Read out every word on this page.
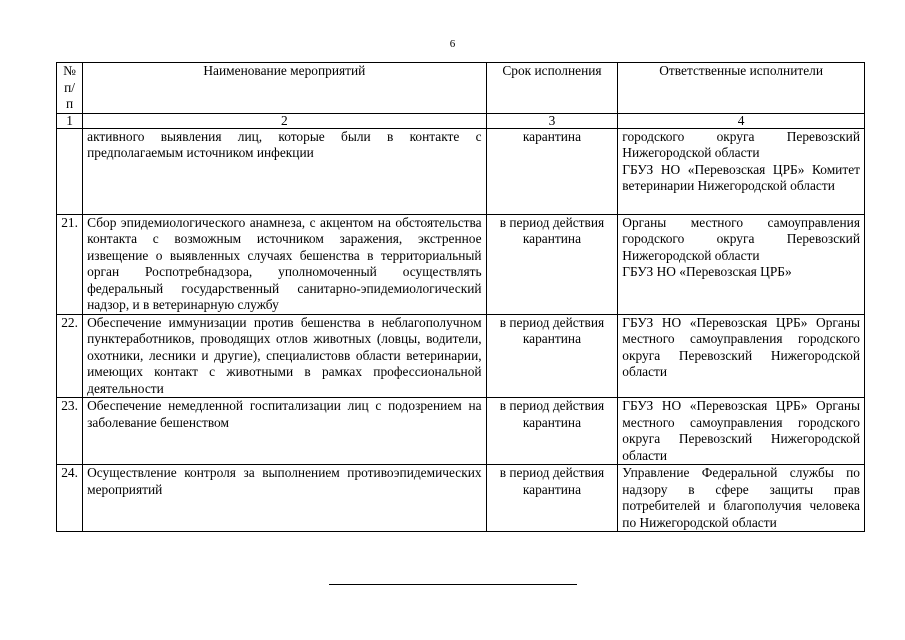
6
№ п/п	Наименование мероприятий	Срок исполнения	Ответственные исполнители
1	2	3	4
	активного выявления лиц, которые были в контакте с предполагаемым источником инфекции	карантина	городского округа Перевозский Нижегородской области
ГБУЗ НО «Перевозская ЦРБ» Комитет ветеринарии Нижегородской области

21.	Сбор эпидемиологического анамнеза, с акцентом на обстоятельства контакта с возможным источником заражения, экстренное извещение о выявленных случаях бешенства в территориальный орган Роспотребнадзора, уполномоченный осуществлять федеральный государственный санитарно-эпидемиологический надзор, и в ветеринарную службу	в период действия карантина	Органы местного самоуправления городского округа Перевозский Нижегородской области
ГБУЗ НО «Перевозская ЦРБ»

22.	Обеспечение иммунизации против бешенства в неблагополучном пунктеработников, проводящих отлов животных (ловцы, водители, охотники, лесники и другие), специалистовв области ветеринарии, имеющих контакт с животными в рамках профессиональной деятельности	в период действия карантина	ГБУЗ НО «Перевозская ЦРБ» Органы местного самоуправления городского округа Перевозский Нижегородской области

23.	Обеспечение немедленной госпитализации лиц с подозрением на заболевание бешенством	в период действия карантина	ГБУЗ НО «Перевозская ЦРБ» Органы местного самоуправления городского округа Перевозский Нижегородской области

24.	Осуществление контроля за выполнением противоэпидемических мероприятий	в период действия карантина	Управление Федеральной службы по надзору в сфере защиты прав потребителей и благополучия человека по Нижегородской области
